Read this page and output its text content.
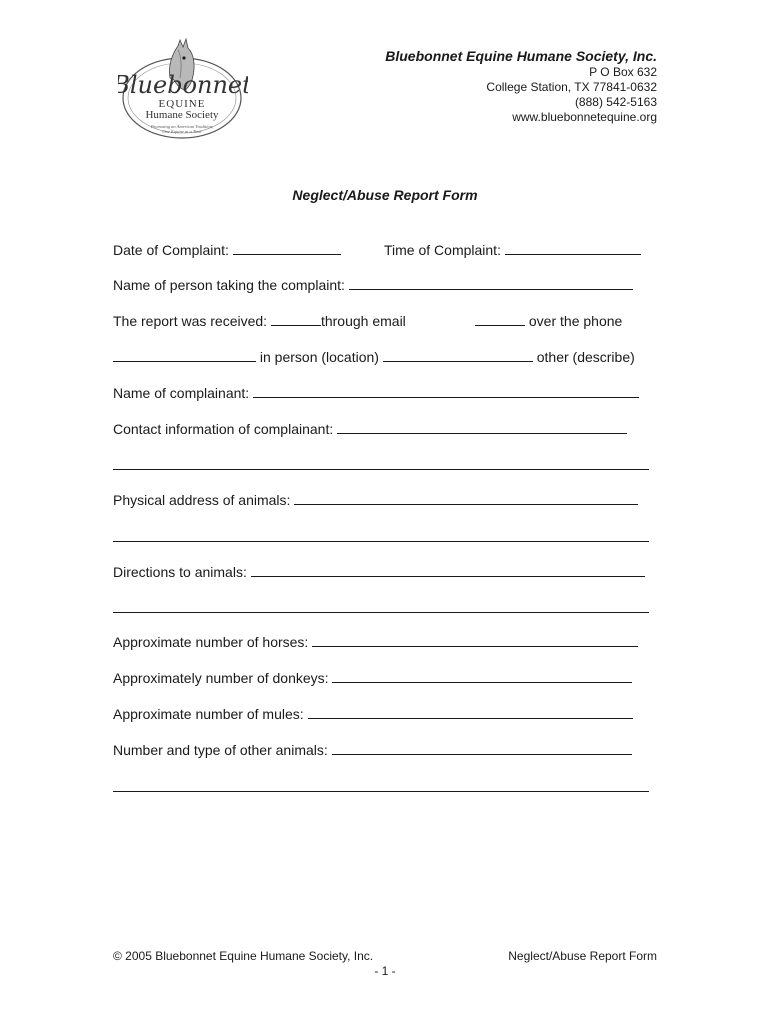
Bluebonnet
EQUINE
Humane Society
Promoting an American Tradition,
One Equine at a Time
Bluebonnet Equine Humane Society, Inc.
P O Box 632
College Station, TX 77841-0632
(888) 542-5163
www.bluebonnetequine.org
Neglect/Abuse Report Form
Date of Complaint:	Time of Complaint:
Name of person taking the complaint:
The report was received:	through email	over the phone
in person (location)	other (describe)
Name of complainant:
Contact information of complainant:
Physical address of animals:
Directions to animals:
Approximate number of horses:
Approximately number of donkeys:
Approximate number of mules:
Number and type of other animals:
© 2005 Bluebonnet Equine Humane Society, Inc.	Neglect/Abuse Report Form
- 1 -
